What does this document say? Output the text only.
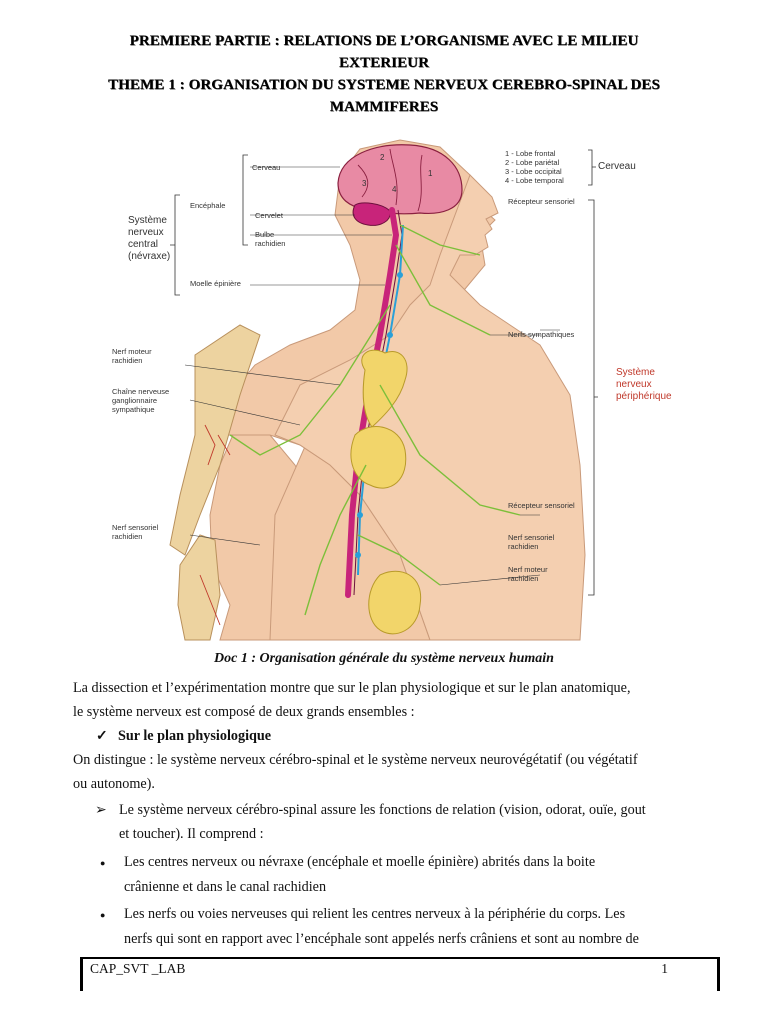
PREMIERE PARTIE : RELATIONS DE L’ORGANISME AVEC LE MILIEU
EXTERIEUR
THEME 1 : ORGANISATION DU SYSTEME NERVEUX CEREBRO-SPINAL DES
MAMMIFERES
Cerveau
Encéphale
Système
nerveux
central
(névraxe)
Cervelet
Bulbe
rachidien
Moelle épinière
Nerf moteur
rachidien
Chaîne nerveuse
ganglionnaire
sympathique
Nerf sensoriel
rachidien
1 - Lobe frontal
2 - Lobe pariétal
3 - Lobe occipital
4 - Lobe temporal
Cerveau
Récepteur sensoriel
Nerfs sympathiques
Système
nerveux
périphérique
Récepteur sensoriel
Nerf sensoriel
rachidien
Nerf moteur
rachidien
2
1
3
4
Doc 1 : Organisation générale du système nerveux humain
La dissection et l’expérimentation montre que sur le plan physiologique et sur le plan anatomique,
le système nerveux est composé de deux grands ensembles :
✓ Sur le plan physiologique
On distingue : le système nerveux cérébro-spinal et le système nerveux neurovégétatif (ou végétatif
ou autonome).
➢ Le système nerveux cérébro-spinal assure les fonctions de relation (vision, odorat, ouïe, gout
et toucher). Il comprend :
● Les centres nerveux ou névraxe (encéphale et moelle épinière) abrités dans la boite
crânienne et dans le canal rachidien
● Les nerfs ou voies nerveuses qui relient les centres nerveux à la périphérie du corps. Les
nerfs qui sont en rapport avec l’encéphale sont appelés nerfs crâniens et sont au nombre de
CAP_SVT _LAB	1
